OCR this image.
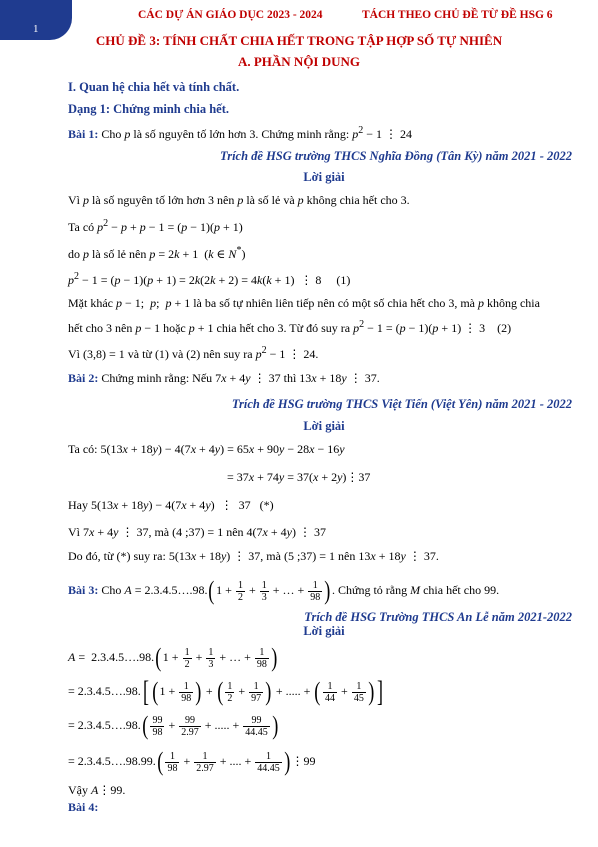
1
CÁC DỰ ÁN GIÁO DỤC 2023 - 2024	TÁCH THEO CHỦ ĐỀ TỪ ĐỀ HSG 6
CHỦ ĐỀ 3: TÍNH CHẤT CHIA HẾT TRONG TẬP HỢP SỐ TỰ NHIÊN
A. PHẦN NỘI DUNG
I. Quan hệ chia hết và tính chất.
Dạng 1: Chứng minh chia hết.
Bài 1: Cho p là số nguyên tố lớn hơn 3. Chứng minh rằng: $p^2 - 1$ ⋮ 24
Trích đề HSG trường THCS Nghĩa Đồng (Tân Kỳ) năm 2021 - 2022
Lời giải
Vì p là số nguyên tố lớn hơn 3 nên p là số lẻ và p không chia hết cho 3.
Ta có $p^2 - p + p - 1 = (p - 1)(p + 1)$
do p là số lẻ nên p = 2k + 1  (k ∈ N*)
$p^2 - 1 = (p - 1)(p + 1) = 2k(2k + 2) = 4k(k + 1)$  ⋮ 8     (1)
Mặt khác p − 1;  p;  p + 1 là ba số tự nhiên liên tiếp nên có một số chia hết cho 3, mà p không chia
hết cho 3 nên p − 1 hoặc p + 1 chia hết cho 3. Từ đó suy ra $p^2 - 1 = (p - 1)(p + 1)$ ⋮ 3    (2)
Vì (3,8) = 1 và từ (1) và (2) nên suy ra $p^2 - 1$ ⋮ 24.
Bài 2: Chứng minh rằng: Nếu 7x + 4y ⋮ 37 thì 13x + 18y ⋮ 37.
Trích đề HSG trường THCS Việt Tiến (Việt Yên) năm 2021 - 2022
Lời giải
Ta có: 5(13x + 18y) − 4(7x + 4y) = 65x + 90y − 28x − 16y
= 37x + 74y = 37(x + 2y)⋮37
Hay 5(13x + 18y) − 4(7x + 4y)  ⋮  37   (*)
Vì 7x + 4y ⋮ 37, mà (4 ;37) = 1 nên 4(7x + 4y) ⋮ 37
Do đó, từ (*) suy ra: 5(13x + 18y) ⋮ 37, mà (5 ;37) = 1 nên 13x + 18y ⋮ 37.
Bài 3: Cho A = 2.3.4.5….98.(1 + $\frac{1}{2} + \frac{1}{3}$ + … + $\frac{1}{98}$ ). Chứng tỏ rằng M chia hết cho 99.
Trích đề HSG Trường THCS An Lễ năm 2021-2022
Lời giải
A =  2.3.4.5….98.(1 + $\frac{1}{2} + \frac{1}{3}$ + … + $\frac{1}{98}$ )
= 2.3.4.5….98.[ ($1 + \frac{1}{98}$ ) + ( $\frac{1}{2} + \frac{1}{97}$ ) + ..... + ( $\frac{1}{44} + \frac{1}{45}$ ) ]
= 2.3.4.5….98.( $\frac{99}{98} + \frac{99}{2.97}$ + ..... + $\frac{99}{44.45}$ )
= 2.3.4.5….98.99.( $\frac{1}{98} + \frac{1}{2.97}$ + .... + $\frac{1}{44.45}$ )⋮99
Vậy A⋮99.
Bài 4:
